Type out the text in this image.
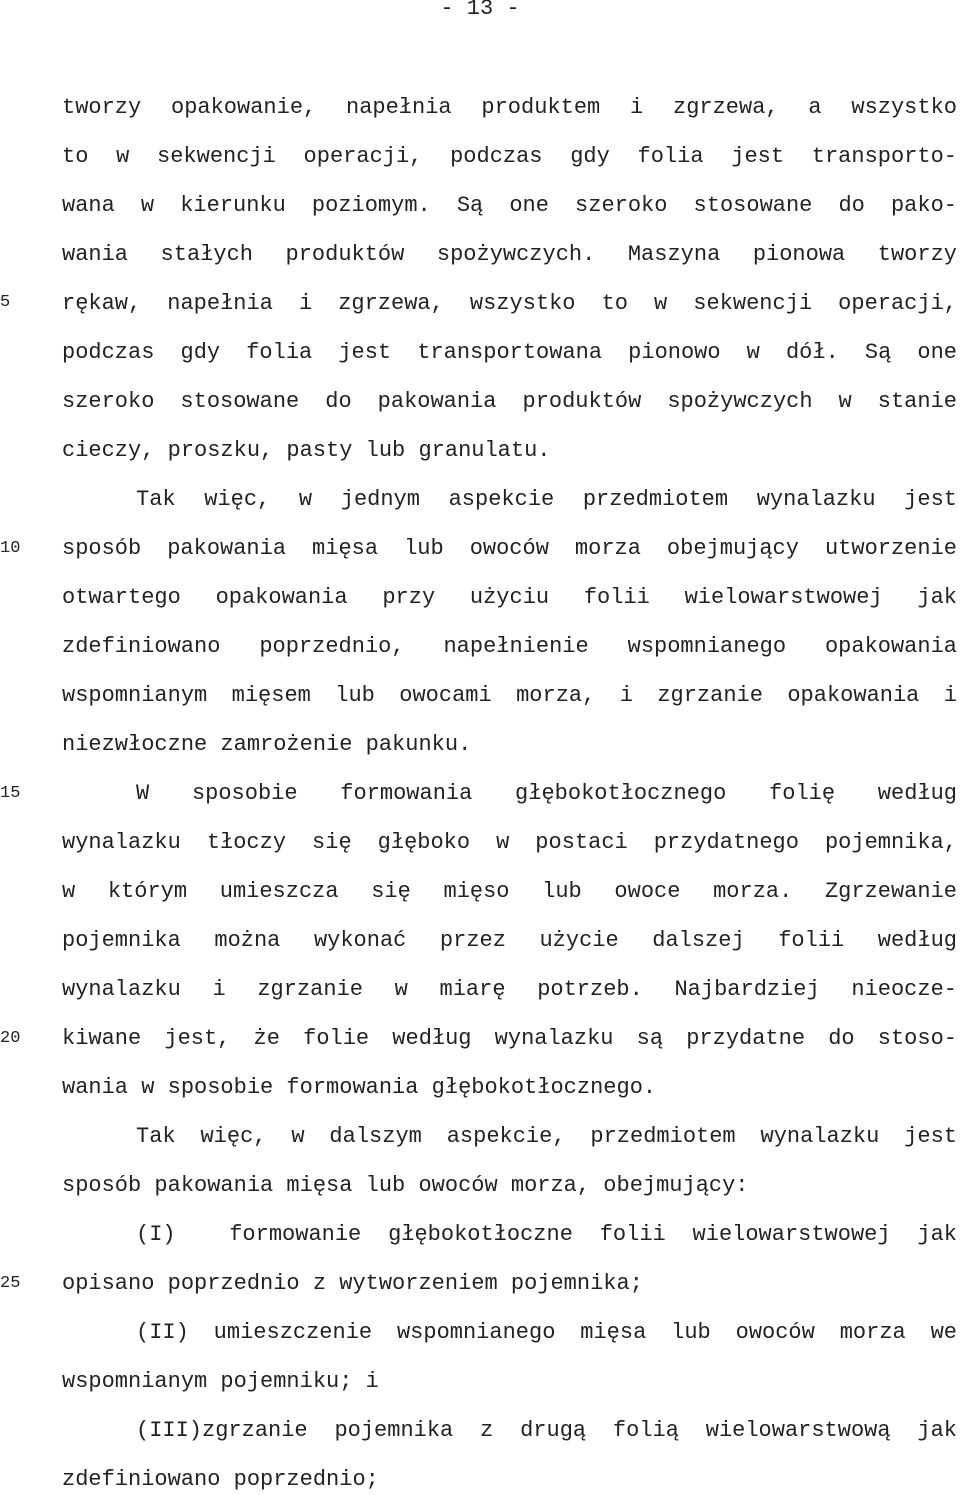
- 13 -
5
10
15
20
25
tworzy opakowanie, napełnia produktem i zgrzewa, a wszystko
to w sekwencji operacji, podczas gdy folia jest transporto-
wana w kierunku poziomym. Są one szeroko stosowane do pako-
wania stałych produktów spożywczych. Maszyna pionowa tworzy
rękaw, napełnia i zgrzewa, wszystko to w sekwencji operacji,
podczas gdy folia jest transportowana pionowo w dół. Są one
szeroko stosowane do pakowania produktów spożywczych w stanie
cieczy, proszku, pasty lub granulatu.
Tak więc, w jednym aspekcie przedmiotem wynalazku jest
sposób pakowania mięsa lub owoców morza obejmujący utworzenie
otwartego opakowania przy użyciu folii wielowarstwowej jak
zdefiniowano poprzednio, napełnienie wspomnianego opakowania
wspomnianym mięsem lub owocami morza, i zgrzanie opakowania i
niezwłoczne zamrożenie pakunku.
W sposobie formowania głębokotłocznego folię według
wynalazku tłoczy się głęboko w postaci przydatnego pojemnika,
w którym umieszcza się mięso lub owoce morza. Zgrzewanie
pojemnika można wykonać przez użycie dalszej folii według
wynalazku i zgrzanie w miarę potrzeb. Najbardziej nieocze-
kiwane jest, że folie według wynalazku są przydatne do stoso-
wania w sposobie formowania głębokotłocznego.
Tak więc, w dalszym aspekcie, przedmiotem wynalazku jest
sposób pakowania mięsa lub owoców morza, obejmujący:
(I)  formowanie głębokotłoczne folii wielowarstwowej jak
opisano poprzednio z wytworzeniem pojemnika;
(II) umieszczenie wspomnianego mięsa lub owoców morza we
wspomnianym pojemniku; i
(III)zgrzanie pojemnika z drugą folią wielowarstwową jak
zdefiniowano poprzednio;
